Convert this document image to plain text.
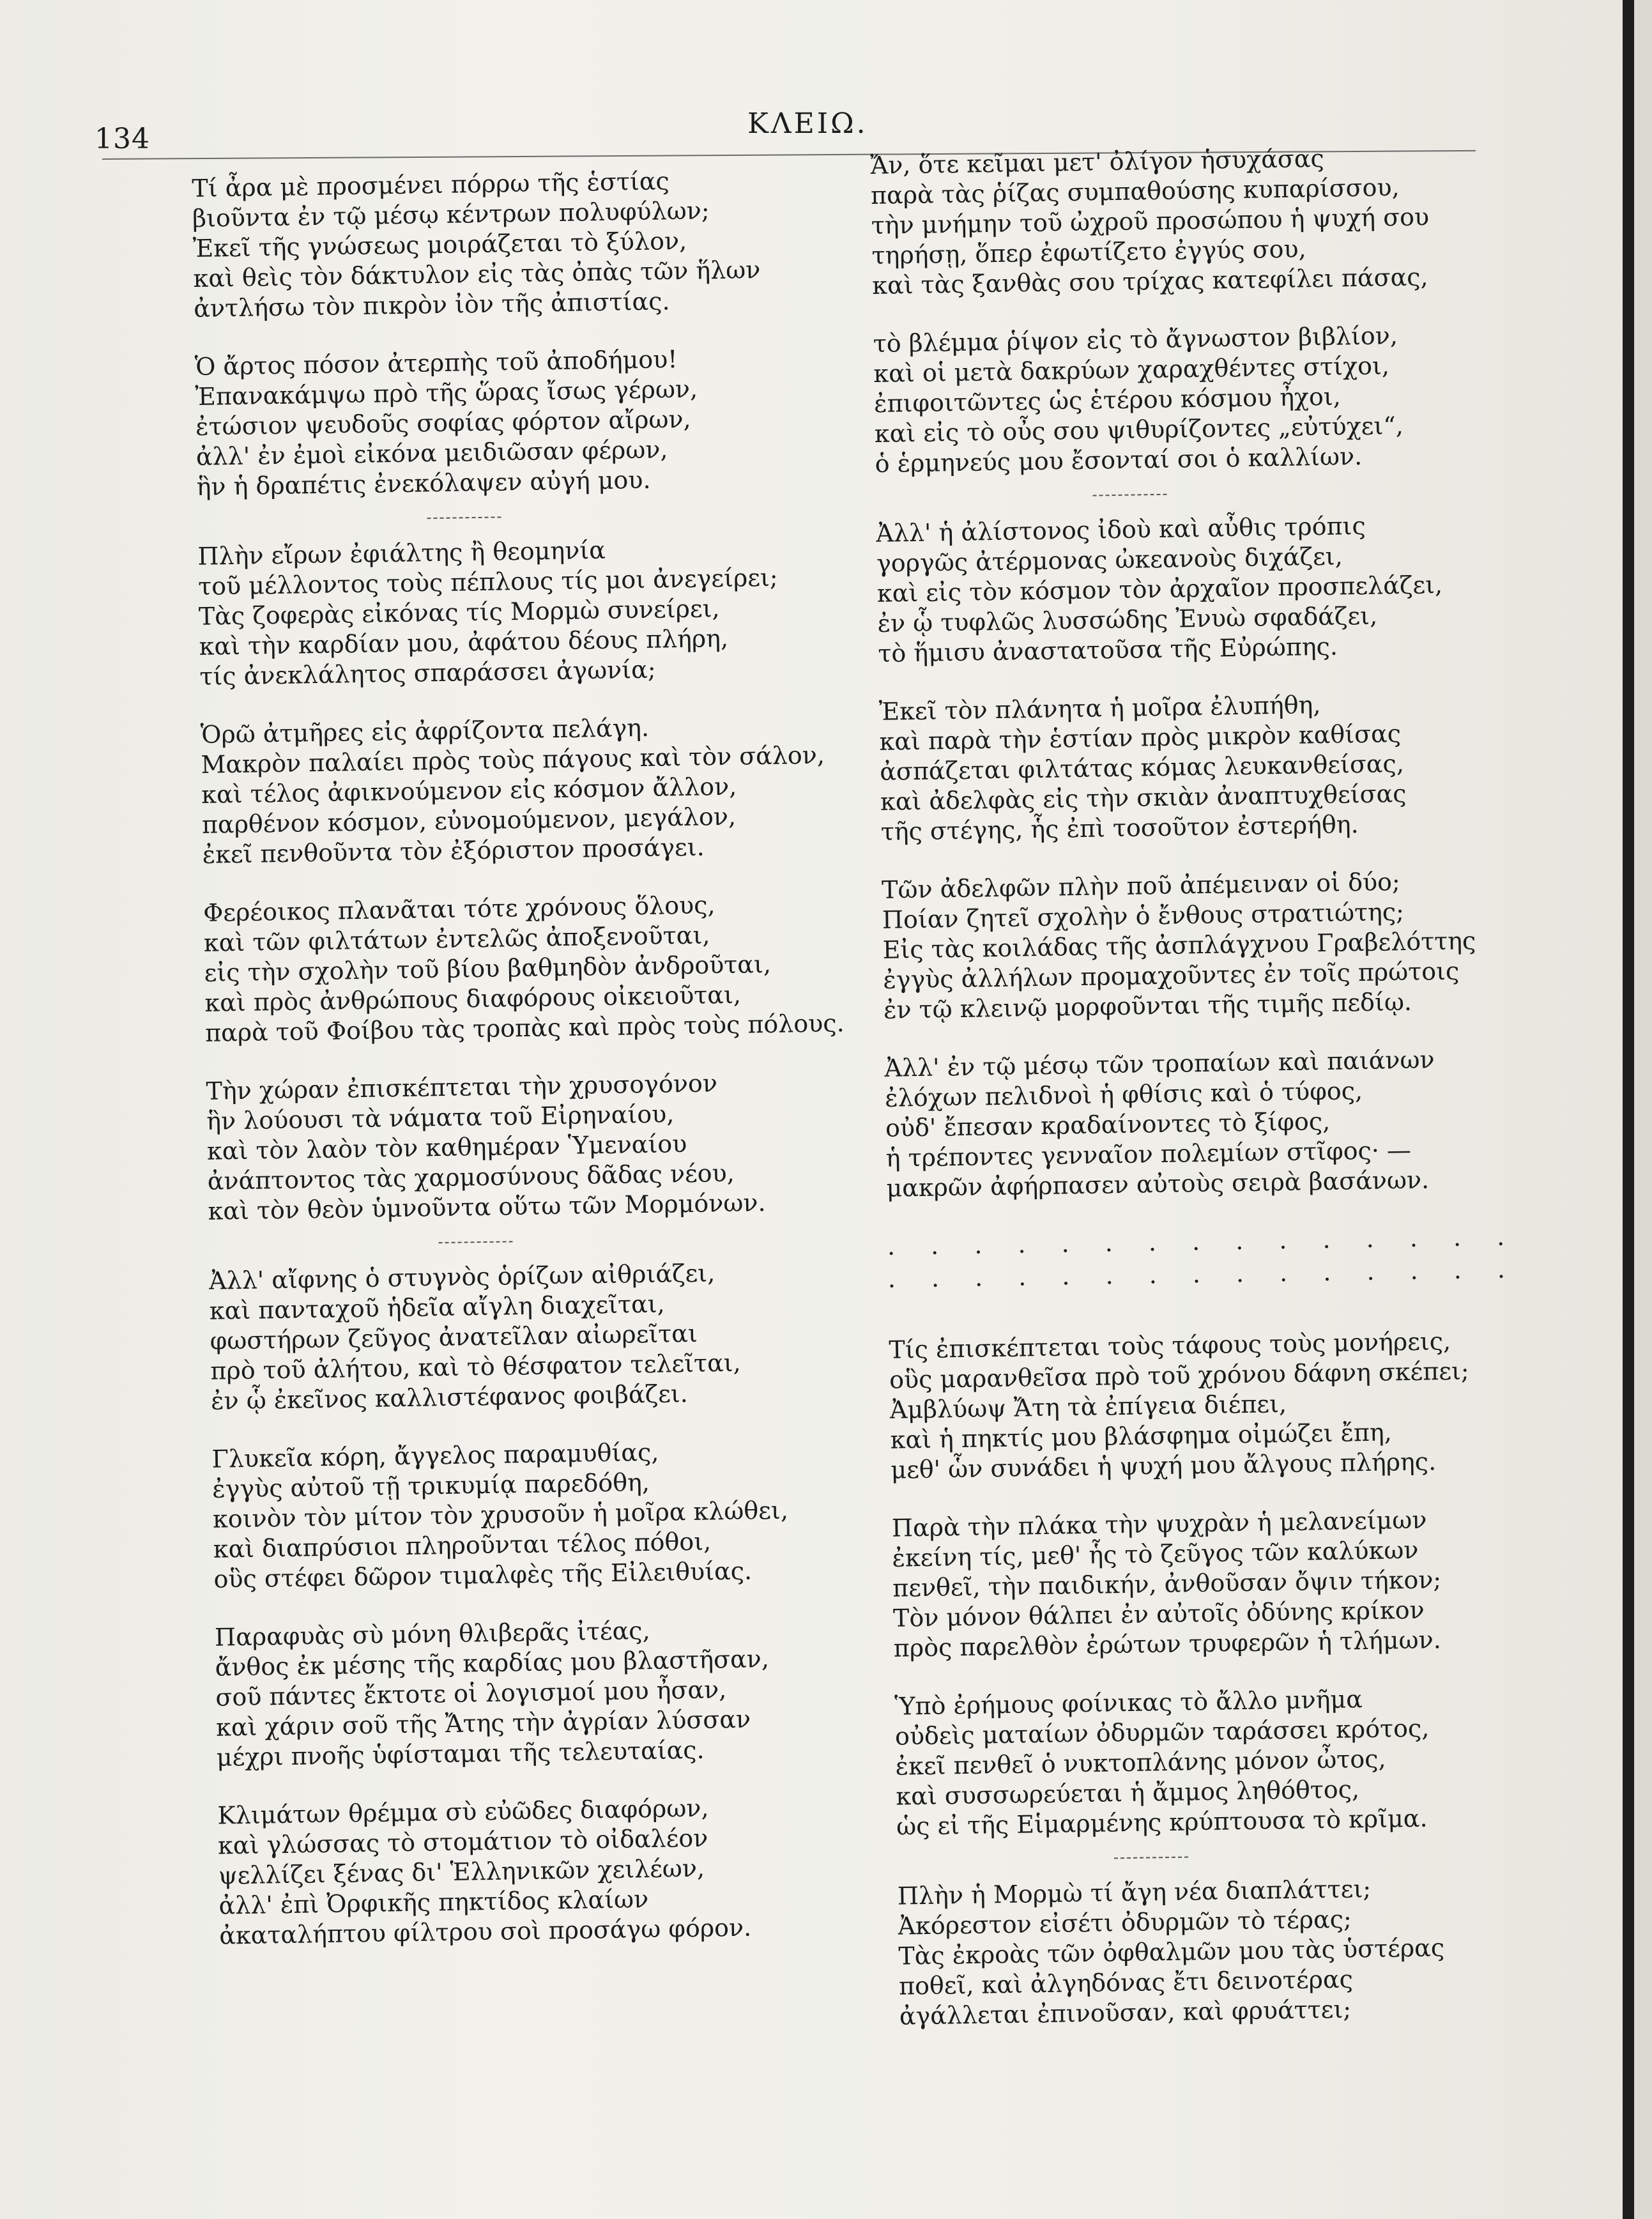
134	ΚΛΕΙΩ.
Τί ἆρα μὲ προσμένει πόρρω τῆς ἑστίας
βιοῦντα ἐν τῷ μέσῳ κέντρων πολυφύλων;
Ἐκεῖ τῆς γνώσεως μοιράζεται τὸ ξύλον,
καὶ θεὶς τὸν δάκτυλον εἰς τὰς ὀπὰς τῶν ἥλων
ἀντλήσω τὸν πικρὸν ἰὸν τῆς ἀπιστίας.
Ὁ ἄρτος πόσον ἀτερπὴς τοῦ ἀποδήμου!
Ἐπανακάμψω πρὸ τῆς ὥρας ἴσως γέρων,
ἐτώσιον ψευδοῦς σοφίας φόρτον αἴρων,
ἀλλ' ἐν ἐμοὶ εἰκόνα μειδιῶσαν φέρων,
ἣν ἡ δραπέτις ἐνεκόλαψεν αὐγή μου.
Πλὴν εἴρων ἐφιάλτης ἢ θεομηνία
τοῦ μέλλοντος τοὺς πέπλους τίς μοι ἀνεγείρει;
Τὰς ζοφερὰς εἰκόνας τίς Μορμὼ συνείρει,
καὶ τὴν καρδίαν μου, ἀφάτου δέους πλήρη,
τίς ἀνεκλάλητος σπαράσσει ἀγωνία;
Ὁρῶ ἀτμῆρες εἰς ἀφρίζοντα πελάγη.
Μακρὸν παλαίει πρὸς τοὺς πάγους καὶ τὸν σάλον,
καὶ τέλος ἀφικνούμενον εἰς κόσμον ἄλλον,
παρθένον κόσμον, εὐνομούμενον, μεγάλον,
ἐκεῖ πενθοῦντα τὸν ἐξόριστον προσάγει.
Φερέοικος πλανᾶται τότε χρόνους ὅλους,
καὶ τῶν φιλτάτων ἐντελῶς ἀποξενοῦται,
εἰς τὴν σχολὴν τοῦ βίου βαθμηδὸν ἀνδροῦται,
καὶ πρὸς ἀνθρώπους διαφόρους οἰκειοῦται,
παρὰ τοῦ Φοίβου τὰς τροπὰς καὶ πρὸς τοὺς πόλους.
Τὴν χώραν ἐπισκέπτεται τὴν χρυσογόνον
ἣν λούουσι τὰ νάματα τοῦ Εἰρηναίου,
καὶ τὸν λαὸν τὸν καθημέραν Ὑμεναίου
ἀνάπτοντος τὰς χαρμοσύνους δᾶδας νέου,
καὶ τὸν θεὸν ὑμνοῦντα οὕτω τῶν Μορμόνων.
Ἀλλ' αἴφνης ὁ στυγνὸς ὁρίζων αἰθριάζει,
καὶ πανταχοῦ ἡδεῖα αἴγλη διαχεῖται,
φωστήρων ζεῦγος ἀνατεῖλαν αἰωρεῖται
πρὸ τοῦ ἀλήτου, καὶ τὸ θέσφατον τελεῖται,
ἐν ᾧ ἐκεῖνος καλλιστέφανος φοιβάζει.
Γλυκεῖα κόρη, ἄγγελος παραμυθίας,
ἐγγὺς αὐτοῦ τῇ τρικυμίᾳ παρεδόθη,
κοινὸν τὸν μίτον τὸν χρυσοῦν ἡ μοῖρα κλώθει,
καὶ διαπρύσιοι πληροῦνται τέλος πόθοι,
οὓς στέφει δῶρον τιμαλφὲς τῆς Εἰλειθυίας.
Παραφυὰς σὺ μόνη θλιβερᾶς ἰτέας,
ἄνθος ἐκ μέσης τῆς καρδίας μου βλαστῆσαν,
σοῦ πάντες ἔκτοτε οἱ λογισμοί μου ἦσαν,
καὶ χάριν σοῦ τῆς Ἄτης τὴν ἀγρίαν λύσσαν
μέχρι πνοῆς ὑφίσταμαι τῆς τελευταίας.
Κλιμάτων θρέμμα σὺ εὐῶδες διαφόρων,
καὶ γλώσσας τὸ στομάτιον τὸ οἰδαλέον
ψελλίζει ξένας δι' Ἑλληνικῶν χειλέων,
ἀλλ' ἐπὶ Ὀρφικῆς πηκτίδος κλαίων
ἀκαταλήπτου φίλτρου σοὶ προσάγω φόρον.
Ἄν, ὅτε κεῖμαι μετ' ὀλίγον ἡσυχάσας
παρὰ τὰς ῥίζας συμπαθούσης κυπαρίσσου,
τὴν μνήμην τοῦ ὠχροῦ προσώπου ἡ ψυχή σου
τηρήσῃ, ὅπερ ἐφωτίζετο ἐγγύς σου,
καὶ τὰς ξανθὰς σου τρίχας κατεφίλει πάσας,
τὸ βλέμμα ῥίψον εἰς τὸ ἄγνωστον βιβλίον,
καὶ οἱ μετὰ δακρύων χαραχθέντες στίχοι,
ἐπιφοιτῶντες ὡς ἑτέρου κόσμου ἦχοι,
καὶ εἰς τὸ οὖς σου ψιθυρίζοντες „εὐτύχει“,
ὁ ἑρμηνεύς μου ἔσονταί σοι ὁ καλλίων.
Ἀλλ' ἡ ἀλίστονος ἰδοὺ καὶ αὖθις τρόπις
γοργῶς ἀτέρμονας ὠκεανοὺς διχάζει,
καὶ εἰς τὸν κόσμον τὸν ἀρχαῖον προσπελάζει,
ἐν ᾧ τυφλῶς λυσσώδης Ἐνυὼ σφαδάζει,
τὸ ἥμισυ ἀναστατοῦσα τῆς Εὐρώπης.
Ἐκεῖ τὸν πλάνητα ἡ μοῖρα ἐλυπήθη,
καὶ παρὰ τὴν ἑστίαν πρὸς μικρὸν καθίσας
ἀσπάζεται φιλτάτας κόμας λευκανθείσας,
καὶ ἀδελφὰς εἰς τὴν σκιὰν ἀναπτυχθείσας
τῆς στέγης, ἧς ἐπὶ τοσοῦτον ἐστερήθη.
Τῶν ἀδελφῶν πλὴν ποῦ ἀπέμειναν οἱ δύο;
Ποίαν ζητεῖ σχολὴν ὁ ἔνθους στρατιώτης;
Εἰς τὰς κοιλάδας τῆς ἀσπλάγχνου Γραβελόττης
ἐγγὺς ἀλλήλων προμαχοῦντες ἐν τοῖς πρώτοις
ἐν τῷ κλεινῷ μορφοῦνται τῆς τιμῆς πεδίῳ.
Ἀλλ' ἐν τῷ μέσῳ τῶν τροπαίων καὶ παιάνων
ἐλόχων πελιδνοὶ ἡ φθίσις καὶ ὁ τύφος,
οὐδ' ἔπεσαν κραδαίνοντες τὸ ξίφος,
ἡ τρέποντες γενναῖον πολεμίων στῖφος· —
μακρῶν ἀφήρπασεν αὐτοὺς σειρὰ βασάνων.
. . . . . . . . . . . . . . .
. . . . . . . . . . . . . . .
Τίς ἐπισκέπτεται τοὺς τάφους τοὺς μονήρεις,
οὓς μαρανθεῖσα πρὸ τοῦ χρόνου δάφνη σκέπει;
Ἀμβλύωψ Ἄτη τὰ ἐπίγεια διέπει,
καὶ ἡ πηκτίς μου βλάσφημα οἰμώζει ἔπη,
μεθ' ὧν συνάδει ἡ ψυχή μου ἄλγους πλήρης.
Παρὰ τὴν πλάκα τὴν ψυχρὰν ἡ μελανείμων
ἐκείνη τίς, μεθ' ἧς τὸ ζεῦγος τῶν καλύκων
πενθεῖ, τὴν παιδικήν, ἀνθοῦσαν ὄψιν τήκον;
Τὸν μόνον θάλπει ἐν αὐτοῖς ὀδύνης κρίκον
πρὸς παρελθὸν ἐρώτων τρυφερῶν ἡ τλήμων.
Ὑπὸ ἐρήμους φοίνικας τὸ ἄλλο μνῆμα
οὐδεὶς ματαίων ὀδυρμῶν ταράσσει κρότος,
ἐκεῖ πενθεῖ ὁ νυκτοπλάνης μόνον ὦτος,
καὶ συσσωρεύεται ἡ ἄμμος ληθόθτος,
ὡς εἰ τῆς Εἱμαρμένης κρύπτουσα τὸ κρῖμα.
Πλὴν ἡ Μορμὼ τί ἄγη νέα διαπλάττει;
Ἀκόρεστον εἰσέτι ὀδυρμῶν τὸ τέρας;
Τὰς ἐκροὰς τῶν ὀφθαλμῶν μου τὰς ὑστέρας
ποθεῖ, καὶ ἀλγηδόνας ἔτι δεινοτέρας
ἀγάλλεται ἐπινοῦσαν, καὶ φρυάττει;
